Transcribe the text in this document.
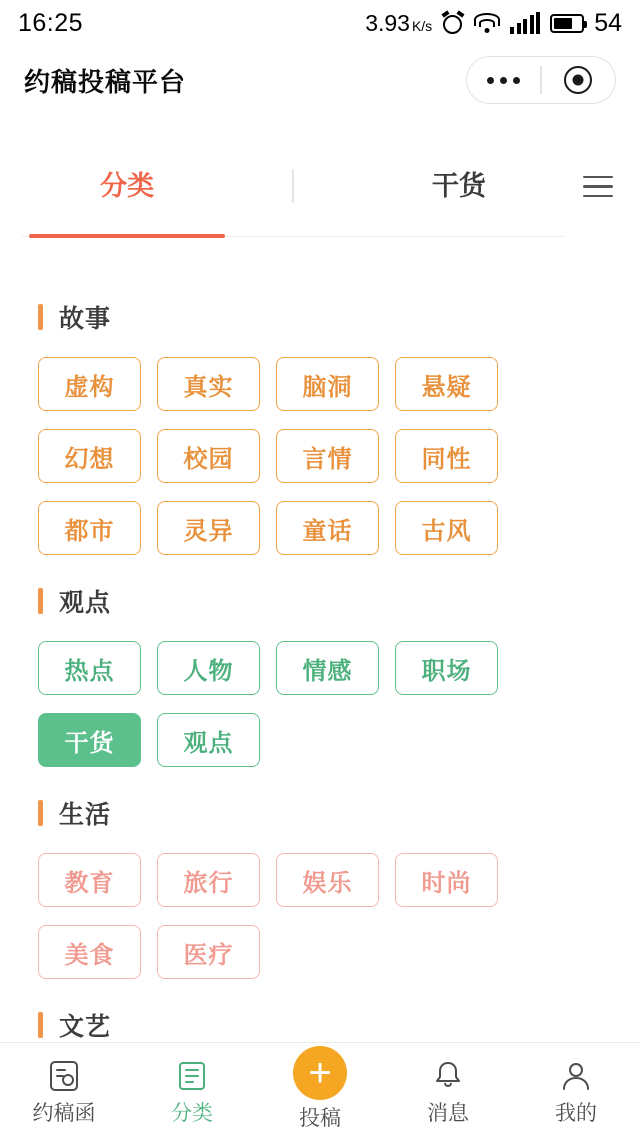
16:25	3.93 K/s	54
约稿投稿平台
分类	干货
故事
虚构	真实	脑洞	悬疑
幻想	校园	言情	同性
都市	灵异	童话	古风
观点
热点	人物	情感	职场
干货	观点
生活
教育	旅行	娱乐	时尚
美食	医疗
文艺
约稿函	分类
+
投稿	消息	我的
